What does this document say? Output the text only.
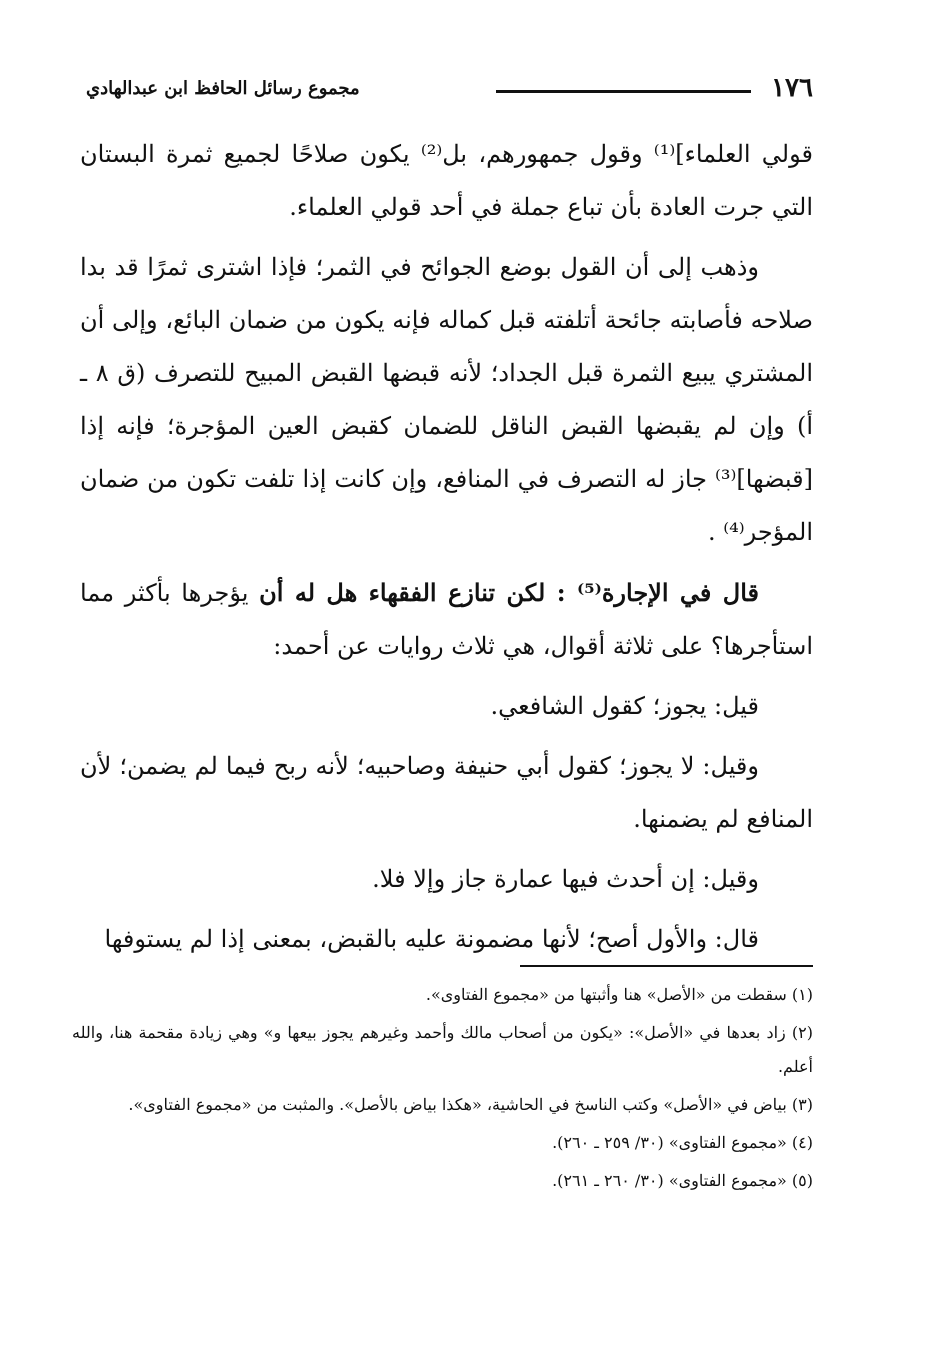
١٧٦
مجموع رسائل الحافظ ابن عبدالهادي

قولي العلماء]⁽¹⁾ وقول جمهورهم، بل⁽²⁾ يكون صلاحًا لجميع ثمرة البستان التي جرت العادة بأن تباع جملة في أحد قولي العلماء.

وذهب إلى أن القول بوضع الجوائح في الثمر؛ فإذا اشترى ثمرًا قد بدا صلاحه فأصابته جائحة أتلفته قبل كماله فإنه يكون من ضمان البائع، وإلى أن المشتري يبيع الثمرة قبل الجداد؛ لأنه قبضها القبض المبيح للتصرف (ق ٨ ـ أ) وإن لم يقبضها القبض الناقل للضمان كقبض العين المؤجرة؛ فإنه إذا [قبضها]⁽³⁾ جاز له التصرف في المنافع، وإن كانت إذا تلفت تكون من ضمان المؤجر⁽⁴⁾ .

قال في الإجارة⁽⁵⁾ : لكن تنازع الفقهاء هل له أن يؤجرها بأكثر مما استأجرها؟ على ثلاثة أقوال، هي ثلاث روايات عن أحمد:

قيل: يجوز؛ كقول الشافعي.

وقيل: لا يجوز؛ كقول أبي حنيفة وصاحبيه؛ لأنه ربح فيما لم يضمن؛ لأن المنافع لم يضمنها.

وقيل: إن أحدث فيها عمارة جاز وإلا فلا.

قال: والأول أصح؛ لأنها مضمونة عليه بالقبض، بمعنى إذا لم يستوفها

(١) سقطت من «الأصل» هنا وأثبتها من «مجموع الفتاوى».

(٢) زاد بعدها في «الأصل»: «يكون من أصحاب مالك وأحمد وغيرهم يجوز بيعها و» وهي زيادة مقحمة هنا، والله أعلم.

(٣) بياض في «الأصل» وكتب الناسخ في الحاشية، «هكذا بياض بالأصل». والمثبت من «مجموع الفتاوى».

(٤) «مجموع الفتاوى» (٣٠/ ٢٥٩ ـ ٢٦٠).

(٥) «مجموع الفتاوى» (٣٠/ ٢٦٠ ـ ٢٦١).
